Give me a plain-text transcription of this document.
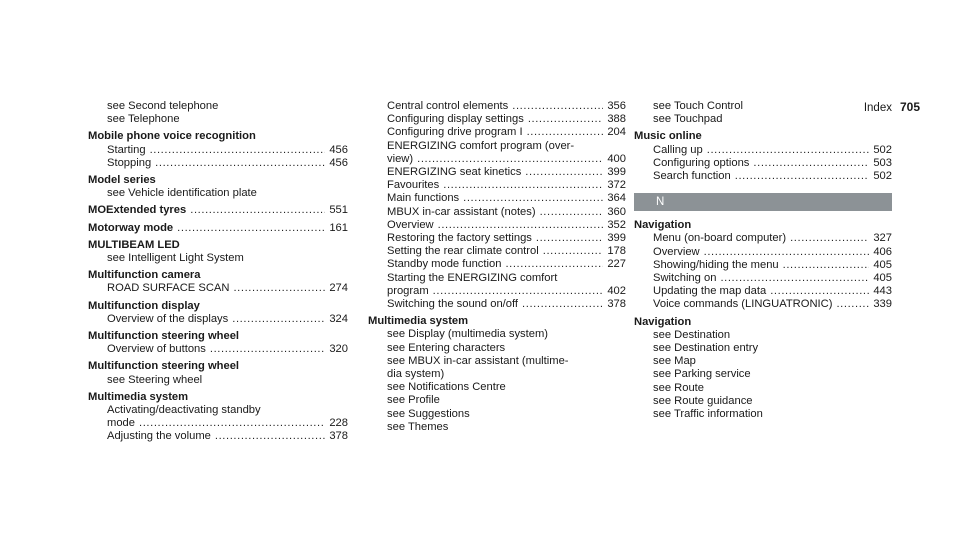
Index 705
see Second telephone
see Telephone
Mobile phone voice recognition
Starting .....	456
Stopping .....	456
Model series
see Vehicle identification plate
MOExtended tyres .....	551
Motorway mode .....	161
MULTIBEAM LED
see Intelligent Light System
Multifunction camera
ROAD SURFACE SCAN .....	274
Multifunction display
Overview of the displays .....	324
Multifunction steering wheel
Overview of buttons .....	320
Multifunction steering wheel
see Steering wheel
Multimedia system
Activating/deactivating standby
mode .....	228
Adjusting the volume .....	378
Central control elements .....	356
Configuring display settings .....	388
Configuring drive program I .....	204
ENERGIZING comfort program (over-
view) .....	400
ENERGIZING seat kinetics .....	399
Favourites .....	372
Main functions .....	364
MBUX in-car assistant (notes) .....	360
Overview .....	352
Restoring the factory settings .....	399
Setting the rear climate control .....	178
Standby mode function .....	227
Starting the ENERGIZING comfort
program .....	402
Switching the sound on/off .....	378
Multimedia system
see Display (multimedia system)
see Entering characters
see MBUX in-car assistant (multime-
dia system)
see Notifications Centre
see Profile
see Suggestions
see Themes
see Touch Control
see Touchpad
Music online
Calling up .....	502
Configuring options .....	503
Search function .....	502
N
Navigation
Menu (on-board computer) .....	327
Overview .....	406
Showing/hiding the menu .....	405
Switching on .....	405
Updating the map data .....	443
Voice commands (LINGUATRONIC) .....	339
Navigation
see Destination
see Destination entry
see Map
see Parking service
see Route
see Route guidance
see Traffic information
